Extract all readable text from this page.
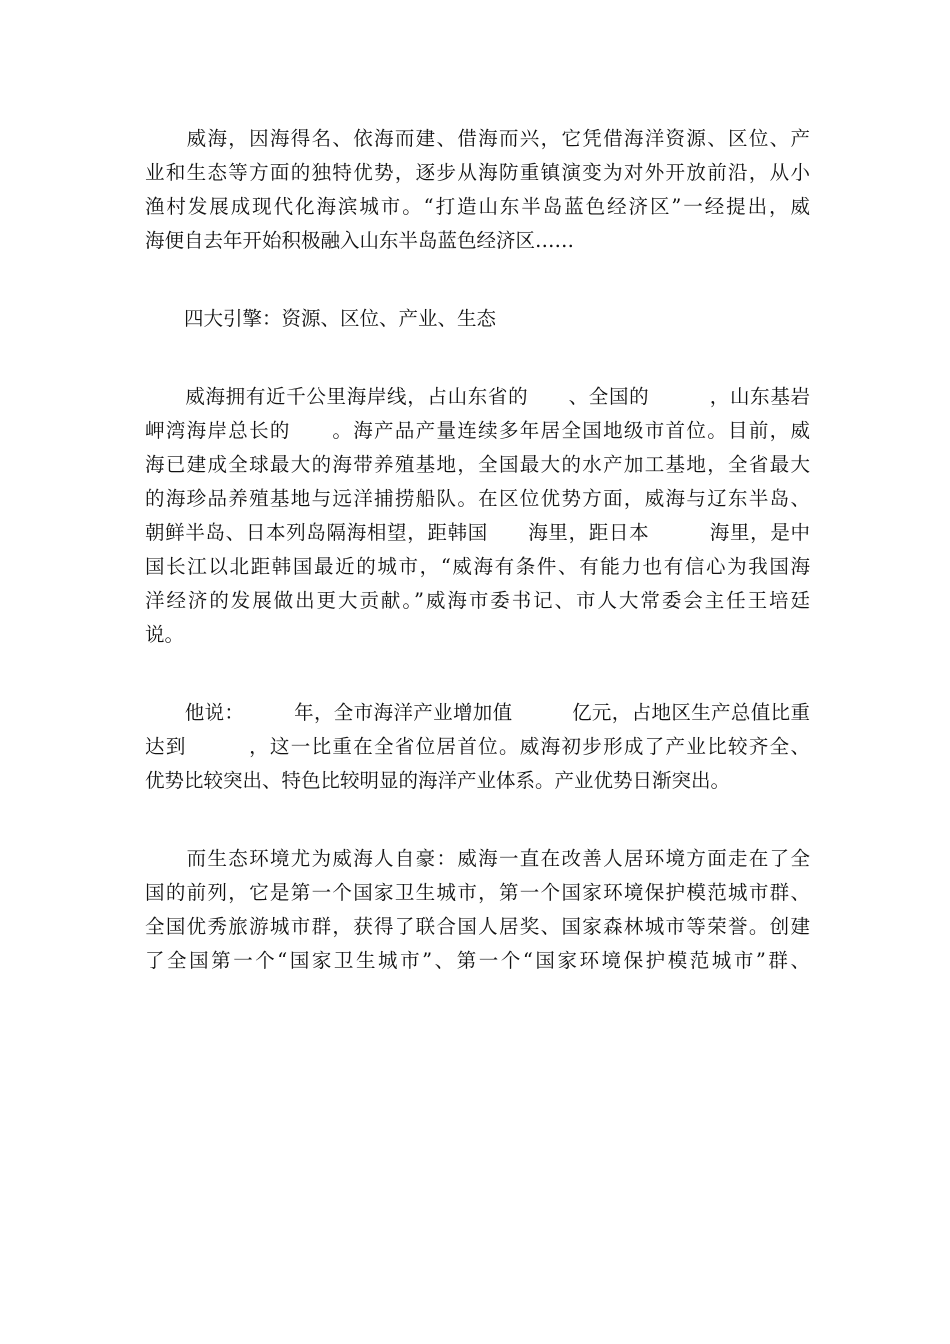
　　威海，因海得名、依海而建、借海而兴，它凭借海洋资源、区位、产
业和生态等方面的独特优势，逐步从海防重镇演变为对外开放前沿，从小
渔村发展成现代化海滨城市。“打造山东半岛蓝色经济区”一经提出，威
海便自去年开始积极融入山东半岛蓝色经济区……
　　四大引擎：资源、区位、产业、生态
　　威海拥有近千公里海岸线，占山东省的　　、全国的　　　，山东基岩
岬湾海岸总长的　　。海产品产量连续多年居全国地级市首位。目前，威
海已建成全球最大的海带养殖基地，全国最大的水产加工基地，全省最大
的海珍品养殖基地与远洋捕捞船队。在区位优势方面，威海与辽东半岛、
朝鲜半岛、日本列岛隔海相望，距韩国　　海里，距日本　　　海里，是中
国长江以北距韩国最近的城市，“威海有条件、有能力也有信心为我国海
洋经济的发展做出更大贡献。”威海市委书记、市人大常委会主任王培廷
说。
　　他说：　　　年，全市海洋产业增加值　　　亿元，占地区生产总值比重
达到　　　，这一比重在全省位居首位。威海初步形成了产业比较齐全、
优势比较突出、特色比较明显的海洋产业体系。产业优势日渐突出。
　　而生态环境尤为威海人自豪：威海一直在改善人居环境方面走在了全
国的前列，它是第一个国家卫生城市，第一个国家环境保护模范城市群、
全国优秀旅游城市群，获得了联合国人居奖、国家森林城市等荣誉。创建
了全国第一个“国家卫生城市”、第一个“国家环境保护模范城市”群、
